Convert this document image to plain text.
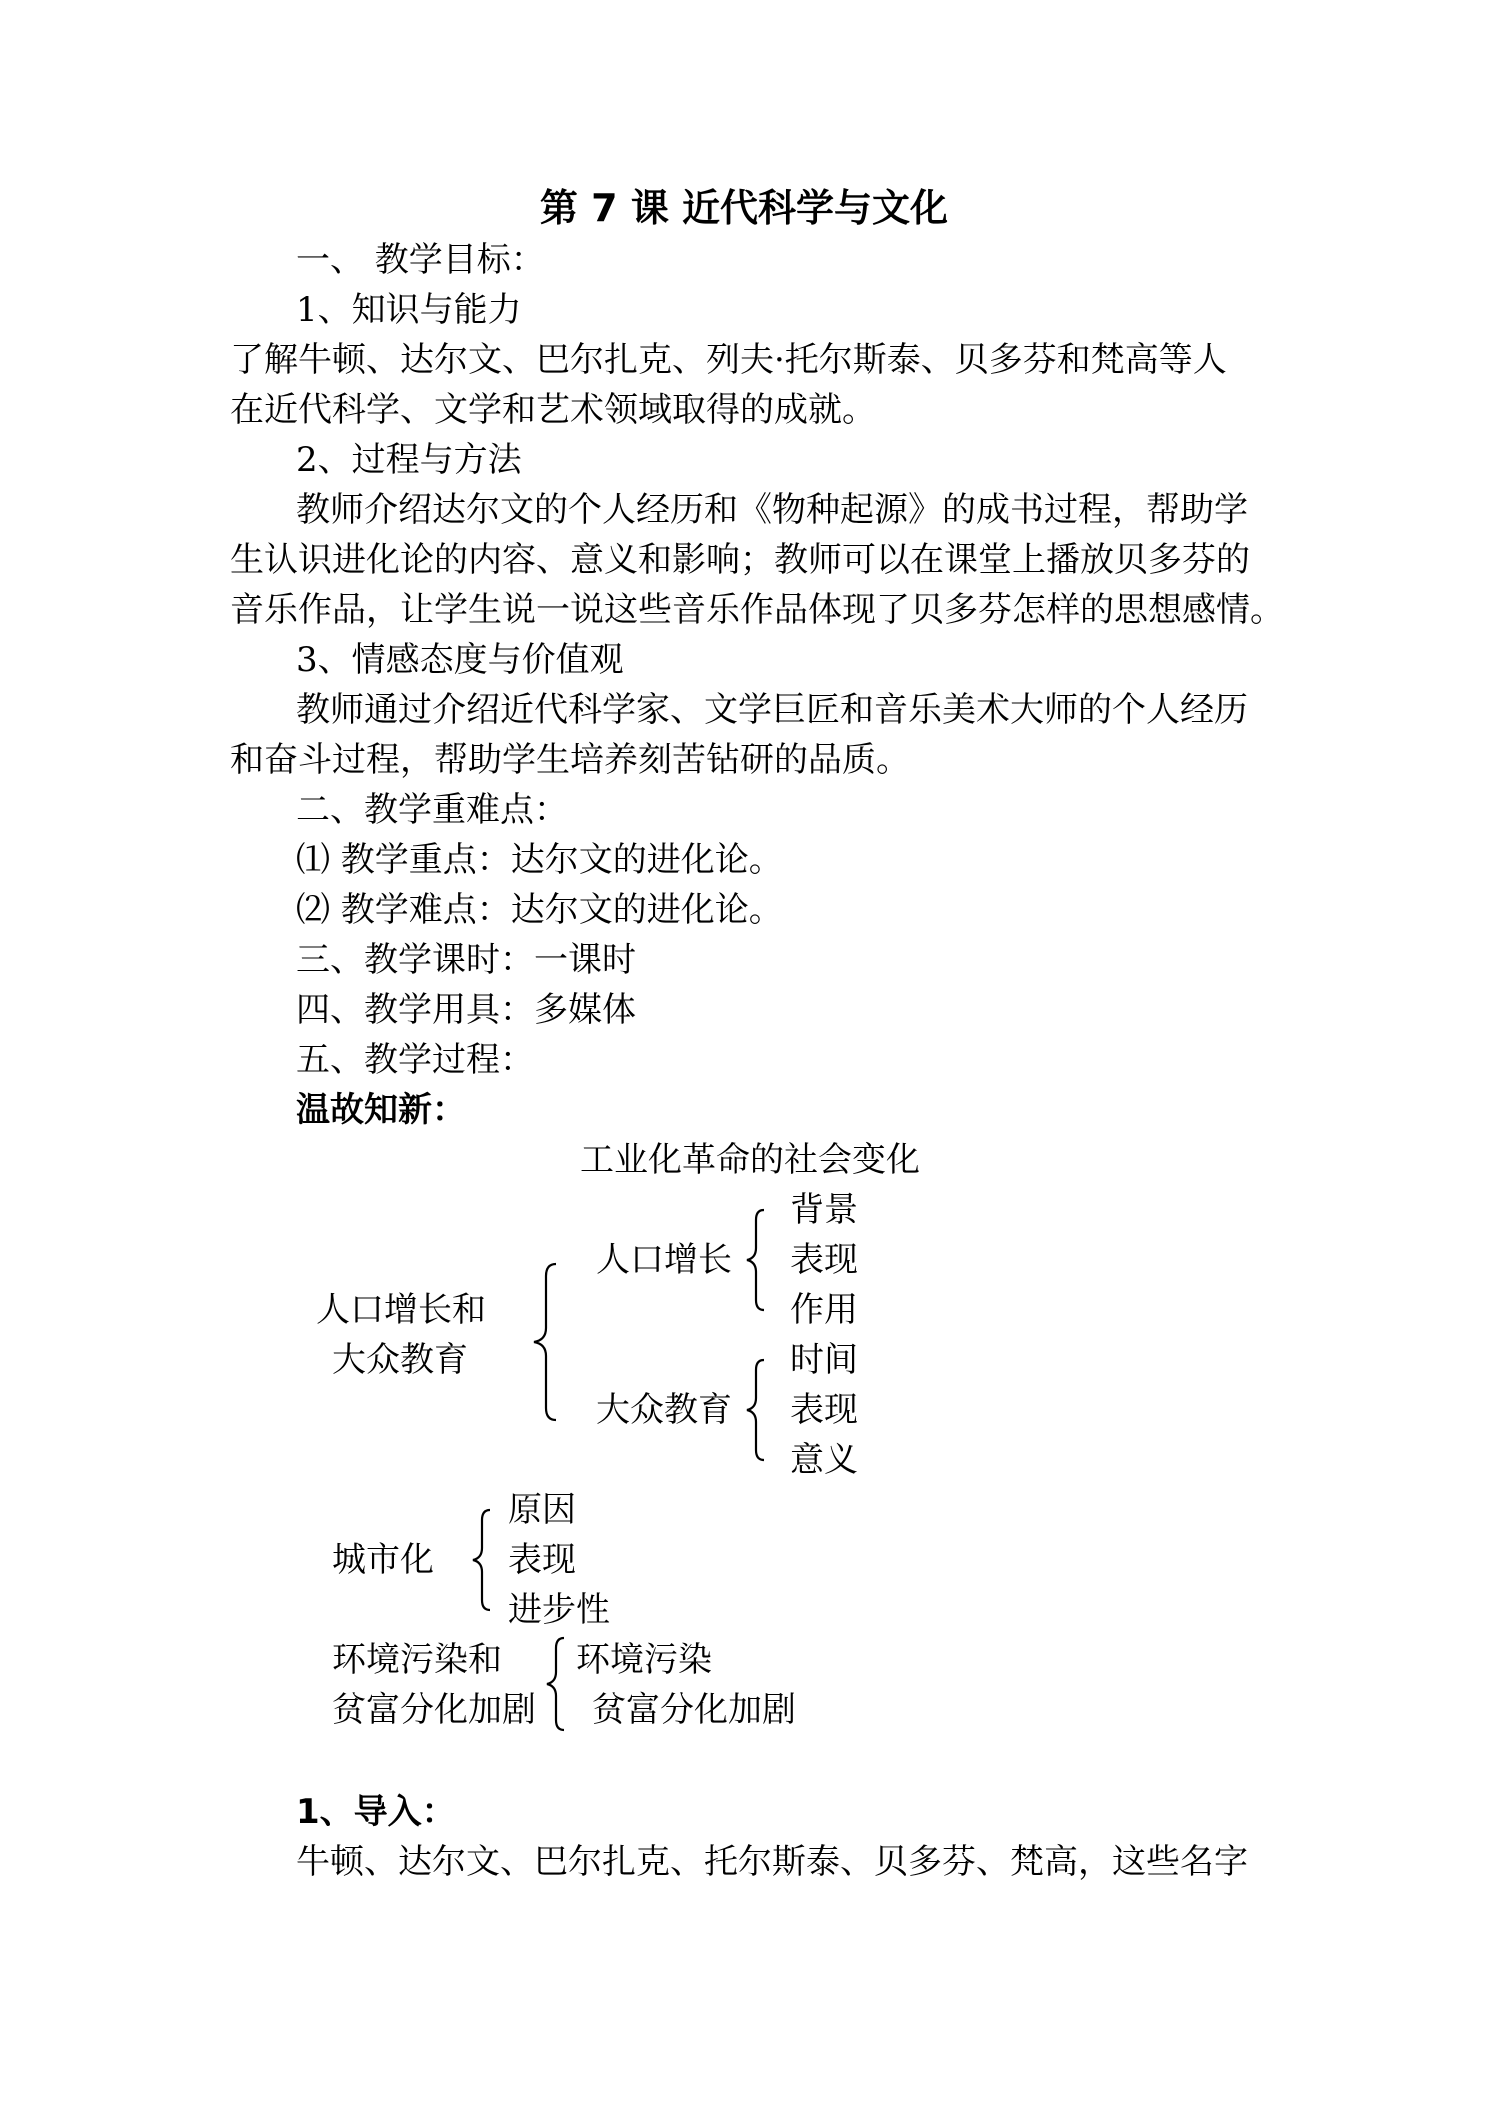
第 7 课 近代科学与文化

一、 教学目标：

1、知识与能力

了解牛顿、达尔文、巴尔扎克、列夫·托尔斯泰、贝多芬和梵高等人

在近代科学、文学和艺术领域取得的成就。

2、过程与方法

教师介绍达尔文的个人经历和《物种起源》的成书过程，帮助学

生认识进化论的内容、意义和影响；教师可以在课堂上播放贝多芬的

音乐作品，让学生说一说这些音乐作品体现了贝多芬怎样的思想感情。

3、情感态度与价值观

教师通过介绍近代科学家、文学巨匠和音乐美术大师的个人经历

和奋斗过程，帮助学生培养刻苦钻研的品质。

二、教学重难点：

⑴ 教学重点：达尔文的进化论。

⑵ 教学难点：达尔文的进化论。

三、教学课时：一课时

四、教学用具：多媒体

五、教学过程：

温故知新：

工业化革命的社会变化

人口增长和

大众教育

人口增长

背景

表现

作用

大众教育

时间

表现

意义

城市化

原因

表现

进步性

环境污染和

贫富分化加剧

环境污染

贫富分化加剧

1、导入：

牛顿、达尔文、巴尔扎克、托尔斯泰、贝多芬、梵高，这些名字
